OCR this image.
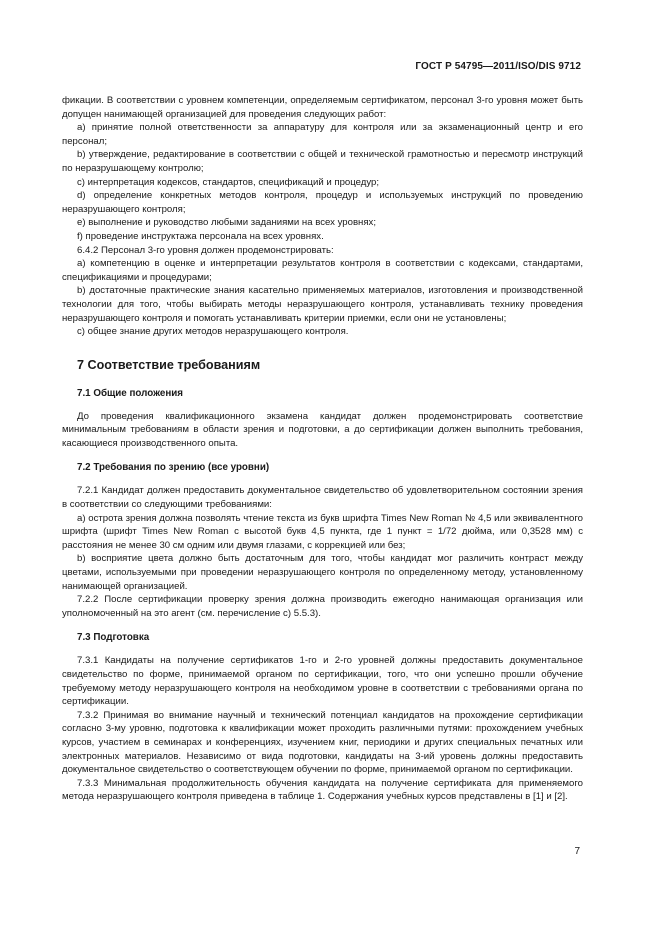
ГОСТ Р 54795—2011/ISO/DIS 9712
фикации. В соответствии с уровнем компетенции, определяемым сертификатом, персонал 3-го уровня может быть допущен нанимающей организацией для проведения следующих работ:
a) принятие полной ответственности за аппаратуру для контроля или за экзаменационный центр и его персонал;
b) утверждение, редактирование в соответствии с общей и технической грамотностью и пересмотр инструкций по неразрушающему контролю;
c) интерпретация кодексов, стандартов, спецификаций и процедур;
d) определение конкретных методов контроля, процедур и используемых инструкций по проведению неразрушающего контроля;
e) выполнение и руководство любыми заданиями на всех уровнях;
f) проведение инструктажа персонала на всех уровнях.
6.4.2 Персонал 3-го уровня должен продемонстрировать:
a) компетенцию в оценке и интерпретации результатов контроля в соответствии с кодексами, стандартами, спецификациями и процедурами;
b) достаточные практические знания касательно применяемых материалов, изготовления и производственной технологии для того, чтобы выбирать методы неразрушающего контроля, устанавливать технику проведения неразрушающего контроля и помогать устанавливать критерии приемки, если они не установлены;
c) общее знание других методов неразрушающего контроля.
7 Соответствие требованиям
7.1 Общие положения
До проведения квалификационного экзамена кандидат должен продемонстрировать соответствие минимальным требованиям в области зрения и подготовки, а до сертификации должен выполнить требования, касающиеся производственного опыта.
7.2 Требования по зрению (все уровни)
7.2.1 Кандидат должен предоставить документальное свидетельство об удовлетворительном состоянии зрения в соответствии со следующими требованиями:
a) острота зрения должна позволять чтение текста из букв шрифта Times New Roman № 4,5 или эквивалентного шрифта (шрифт Times New Roman с высотой букв 4,5 пункта, где 1 пункт = 1/72 дюйма, или 0,3528 мм) с расстояния не менее 30 см одним или двумя глазами, с коррекцией или без;
b) восприятие цвета должно быть достаточным для того, чтобы кандидат мог различить контраст между цветами, используемыми при проведении неразрушающего контроля по определенному методу, установленному нанимающей организацией.
7.2.2 После сертификации проверку зрения должна производить ежегодно нанимающая организация или уполномоченный на это агент (см. перечисление с) 5.5.3).
7.3 Подготовка
7.3.1 Кандидаты на получение сертификатов 1-го и 2-го уровней должны предоставить документальное свидетельство по форме, принимаемой органом по сертификации, того, что они успешно прошли обучение требуемому методу неразрушающего контроля на необходимом уровне в соответствии с требованиями органа по сертификации.
7.3.2 Принимая во внимание научный и технический потенциал кандидатов на прохождение сертификации согласно 3-му уровню, подготовка к квалификации может проходить различными путями: прохождением учебных курсов, участием в семинарах и конференциях, изучением книг, периодики и других специальных печатных или электронных материалов. Независимо от вида подготовки, кандидаты на 3-ий уровень должны предоставить документальное свидетельство о соответствующем обучении по форме, принимаемой органом по сертификации.
7.3.3 Минимальная продолжительность обучения кандидата на получение сертификата для применяемого метода неразрушающего контроля приведена в таблице 1. Содержания учебных курсов представлены в [1] и [2].
7
